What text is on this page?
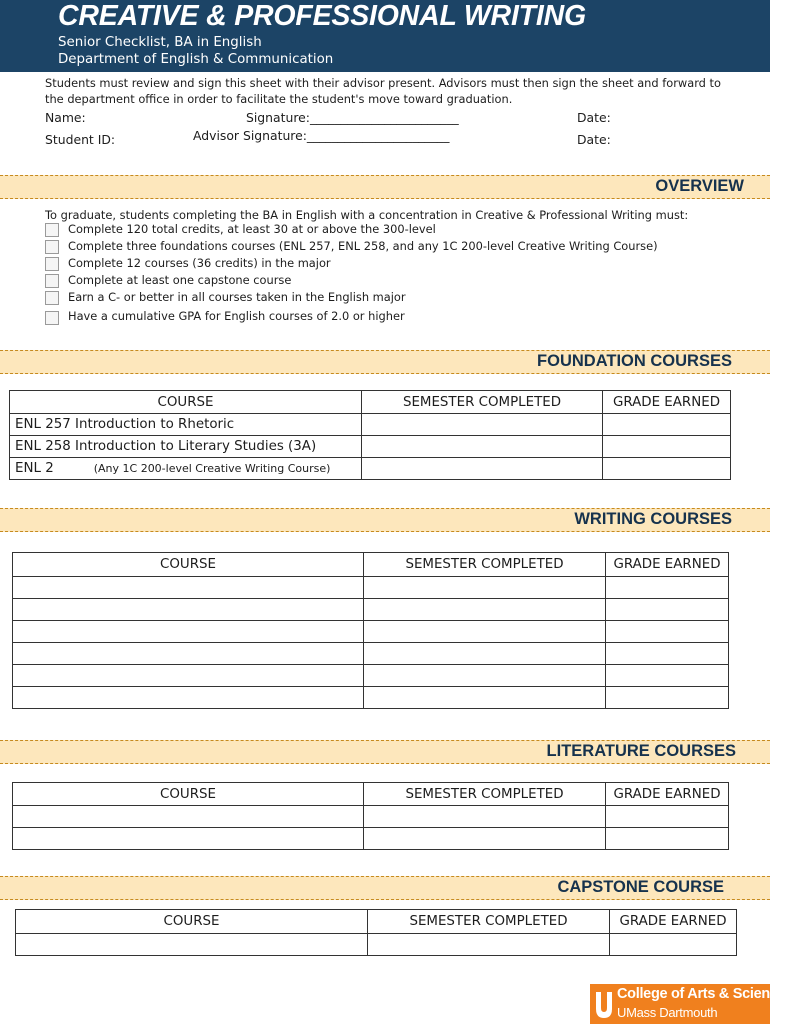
CREATIVE & PROFESSIONAL WRITING
Senior Checklist, BA in English
Department of English & Communication
Students must review and sign this sheet with their advisor present. Advisors must then sign the sheet and forward to
the department office in order to facilitate the student's move toward graduation.
Name:	Signature:________________________	Date:
Student ID:	Advisor Signature:_______________________	Date:
OVERVIEW
To graduate, students completing the BA in English with a concentration in Creative & Professional Writing must:
Complete 120 total credits, at least 30 at or above the 300-level
Complete three foundations courses (ENL 257, ENL 258, and any 1C 200-level Creative Writing Course)
Complete 12 courses (36 credits) in the major
Complete at least one capstone course
Earn a C- or better in all courses taken in the English major
Have a cumulative GPA for English courses of 2.0 or higher
FOUNDATION COURSES
COURSE	SEMESTER COMPLETED	GRADE EARNED
ENL 257 Introduction to Rhetoric		
ENL 258 Introduction to Literary Studies (3A)		
ENL 2 (Any 1C 200-level Creative Writing Course)		
WRITING COURSES
COURSE	SEMESTER COMPLETED	GRADE EARNED

LITERATURE COURSES
COURSE	SEMESTER COMPLETED	GRADE EARNED

CAPSTONE COURSE
COURSE	SEMESTER COMPLETED	GRADE EARNED

College of Arts & Sciences
UMass Dartmouth
